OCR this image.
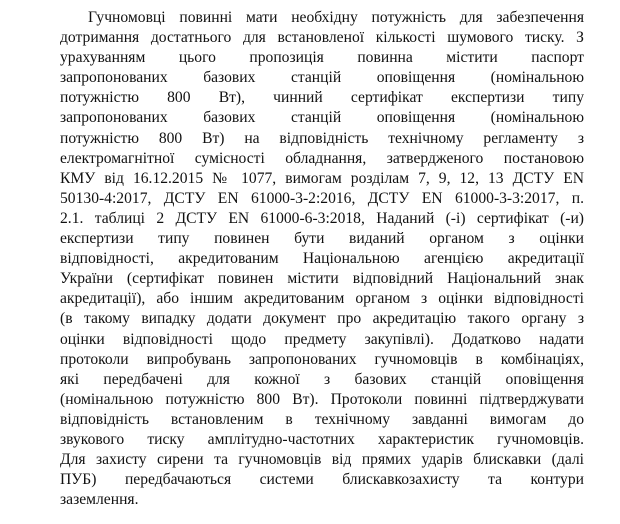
Гучномовці повинні мати необхідну потужність для забезпечення
дотримання достатнього для встановленої кількості шумового тиску. З
урахуванням цього пропозиція повинна містити паспорт
запропонованих базових станцій оповіщення (номінальною
потужністю 800 Вт), чинний сертифікат експертизи типу
запропонованих базових станцій оповіщення (номінальною
потужністю 800 Вт) на відповідність технічному регламенту з
електромагнітної сумісності обладнання, затвердженого постановою
КМУ від 16.12.2015 № 1077, вимогам розділам 7, 9, 12, 13 ДСТУ EN
50130-4:2017, ДСТУ EN 61000-3-2:2016, ДСТУ EN 61000-3-3:2017, п.
2.1. таблиці 2 ДСТУ EN 61000-6-3:2018, Наданий (-і) сертифікат (-и)
експертизи типу повинен бути виданий органом з оцінки
відповідності, акредитованим Національною агенцією акредитації
України (сертифікат повинен містити відповідний Національний знак
акредитації), або іншим акредитованим органом з оцінки відповідності
(в такому випадку додати документ про акредитацію такого органу з
оцінки відповідності щодо предмету закупівлі). Додатково надати
протоколи випробувань запропонованих гучномовців в комбінаціях,
які передбачені для кожної з базових станцій оповіщення
(номінальною потужністю 800 Вт). Протоколи повинні підтверджувати
відповідність встановленим в технічному завданні вимогам до
звукового тиску амплітудно-частотних характеристик гучномовців.
Для захисту сирени та гучномовців від прямих ударів блискавки (далі
ПУБ) передбачаються системи блискавкозахисту та контури
заземлення.
